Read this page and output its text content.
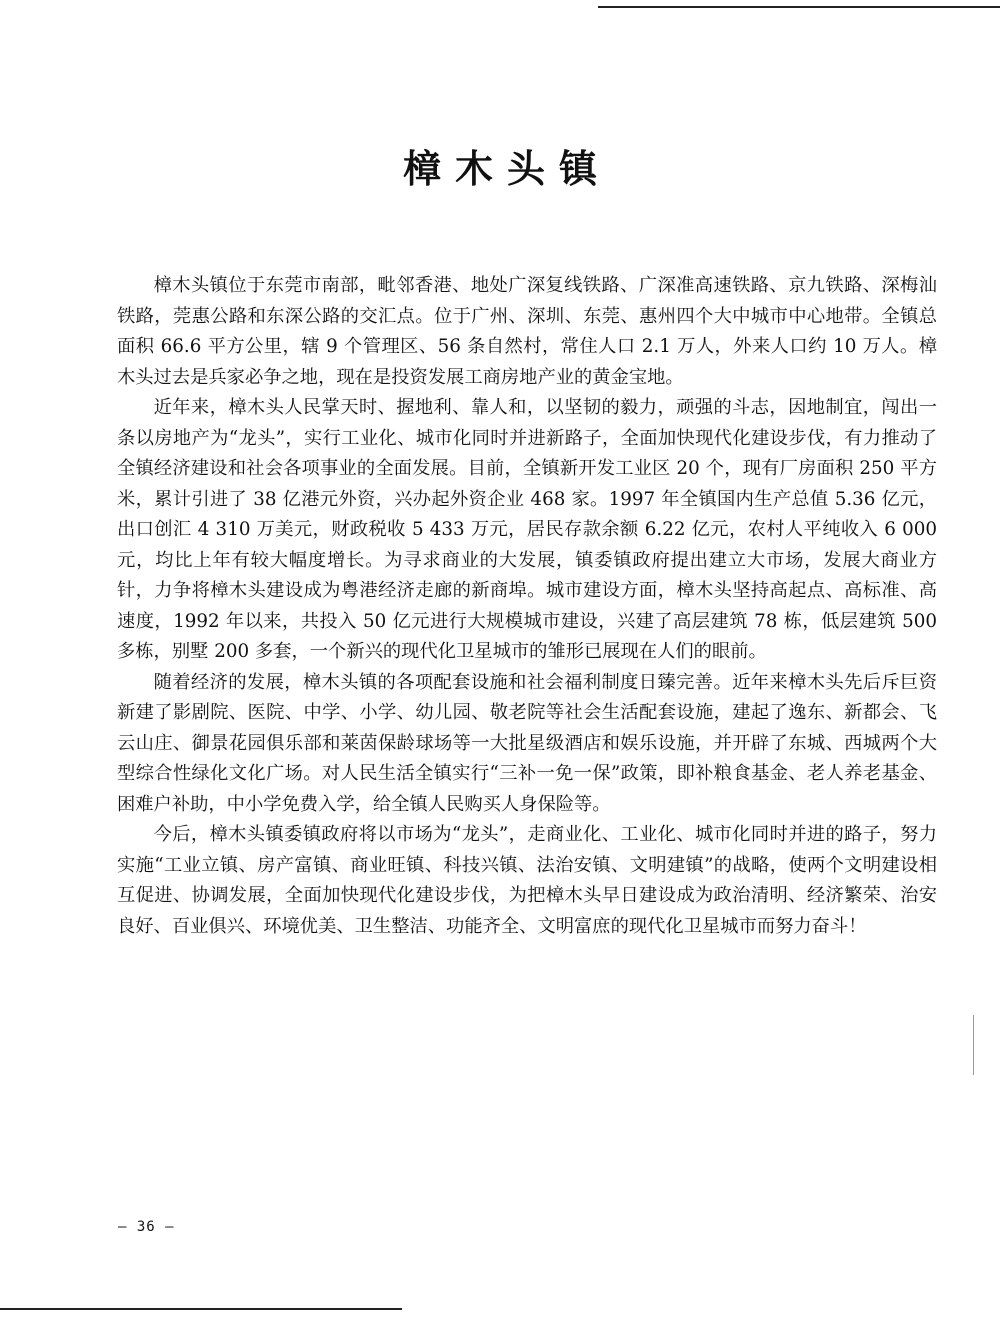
樟木头镇

樟木头镇位于东莞市南部，毗邻香港、地处广深复线铁路、广深准高速铁路、京九铁路、深梅汕铁路，莞惠公路和东深公路的交汇点。位于广州、深圳、东莞、惠州四个大中城市中心地带。全镇总面积 66.6 平方公里，辖 9 个管理区、56 条自然村，常住人口 2.1 万人，外来人口约 10 万人。樟木头过去是兵家必争之地，现在是投资发展工商房地产业的黄金宝地。

近年来，樟木头人民掌天时、握地利、靠人和，以坚韧的毅力，顽强的斗志，因地制宜，闯出一条以房地产为“龙头”，实行工业化、城市化同时并进新路子，全面加快现代化建设步伐，有力推动了全镇经济建设和社会各项事业的全面发展。目前，全镇新开发工业区 20 个，现有厂房面积 250 平方米，累计引进了 38 亿港元外资，兴办起外资企业 468 家。1997 年全镇国内生产总值 5.36 亿元，出口创汇 4 310 万美元，财政税收 5 433 万元，居民存款余额 6.22 亿元，农村人平纯收入 6 000 元，均比上年有较大幅度增长。为寻求商业的大发展，镇委镇政府提出建立大市场，发展大商业方针，力争将樟木头建设成为粤港经济走廊的新商埠。城市建设方面，樟木头坚持高起点、高标准、高速度，1992 年以来，共投入 50 亿元进行大规模城市建设，兴建了高层建筑 78 栋，低层建筑 500 多栋，别墅 200 多套，一个新兴的现代化卫星城市的雏形已展现在人们的眼前。

随着经济的发展，樟木头镇的各项配套设施和社会福利制度日臻完善。近年来樟木头先后斥巨资新建了影剧院、医院、中学、小学、幼儿园、敬老院等社会生活配套设施，建起了逸东、新都会、飞云山庄、御景花园俱乐部和莱茵保龄球场等一大批星级酒店和娱乐设施，并开辟了东城、西城两个大型综合性绿化文化广场。对人民生活全镇实行“三补一免一保”政策，即补粮食基金、老人养老基金、困难户补助，中小学免费入学，给全镇人民购买人身保险等。

今后，樟木头镇委镇政府将以市场为“龙头”，走商业化、工业化、城市化同时并进的路子，努力实施“工业立镇、房产富镇、商业旺镇、科技兴镇、法治安镇、文明建镇”的战略，使两个文明建设相互促进、协调发展，全面加快现代化建设步伐，为把樟木头早日建设成为政治清明、经济繁荣、治安良好、百业俱兴、环境优美、卫生整洁、功能齐全、文明富庶的现代化卫星城市而努力奋斗！

— 36 —
